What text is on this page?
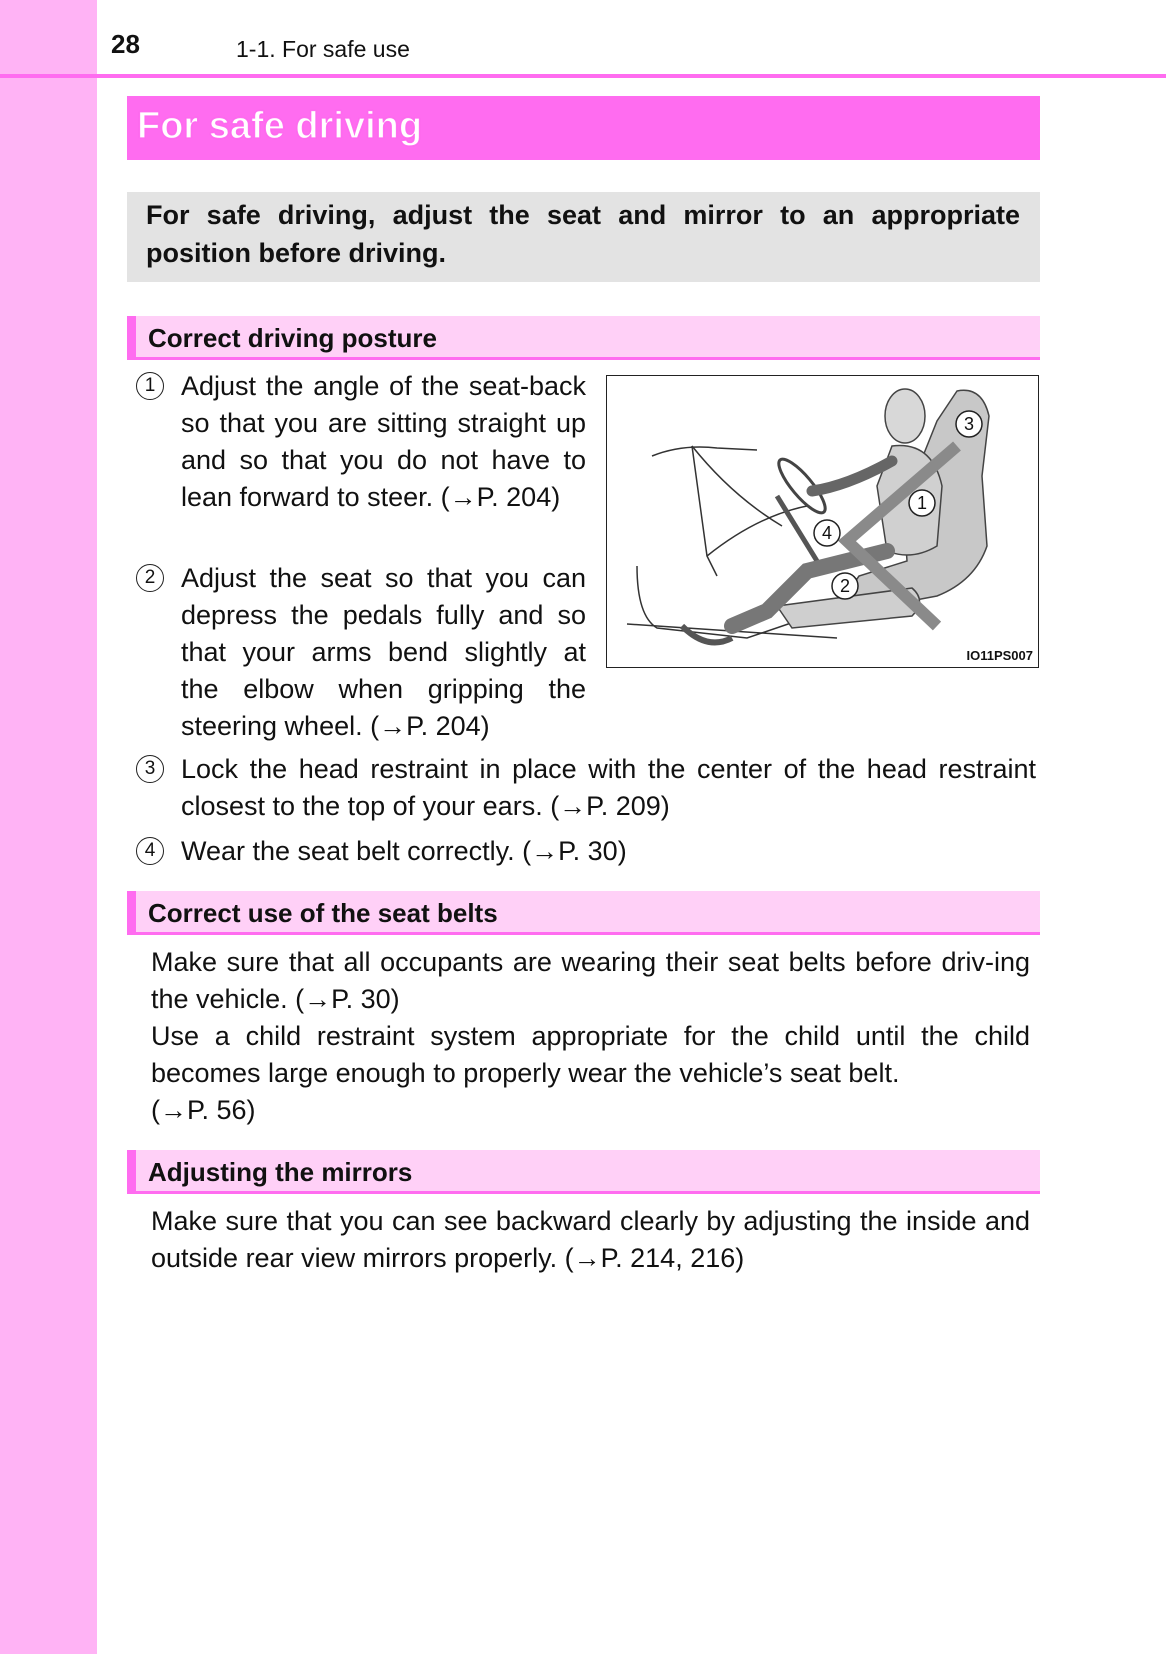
28	1-1. For safe use
For safe driving

For safe driving, adjust the seat and mirror to an appropriate position before driving.

Correct driving posture
1 Adjust the angle of the seat-back so that you are sitting straight up and so that you do not have to lean forward to steer. (→P. 204)
2 Adjust the seat so that you can depress the pedals fully and so that your arms bend slightly at the elbow when gripping the steering wheel. (→P. 204)
3 Lock the head restraint in place with the center of the head restraint closest to the top of your ears. (→P. 209)
4 Wear the seat belt correctly. (→P. 30)
3
1
2
4
IO11PS007
Correct use of the seat belts

Make sure that all occupants are wearing their seat belts before driv-ing the vehicle. (→P. 30)

Use a child restraint system appropriate for the child until the child becomes large enough to properly wear the vehicle’s seat belt.

(→P. 56)

Adjusting the mirrors

Make sure that you can see backward clearly by adjusting the inside and outside rear view mirrors properly. (→P. 214, 216)
